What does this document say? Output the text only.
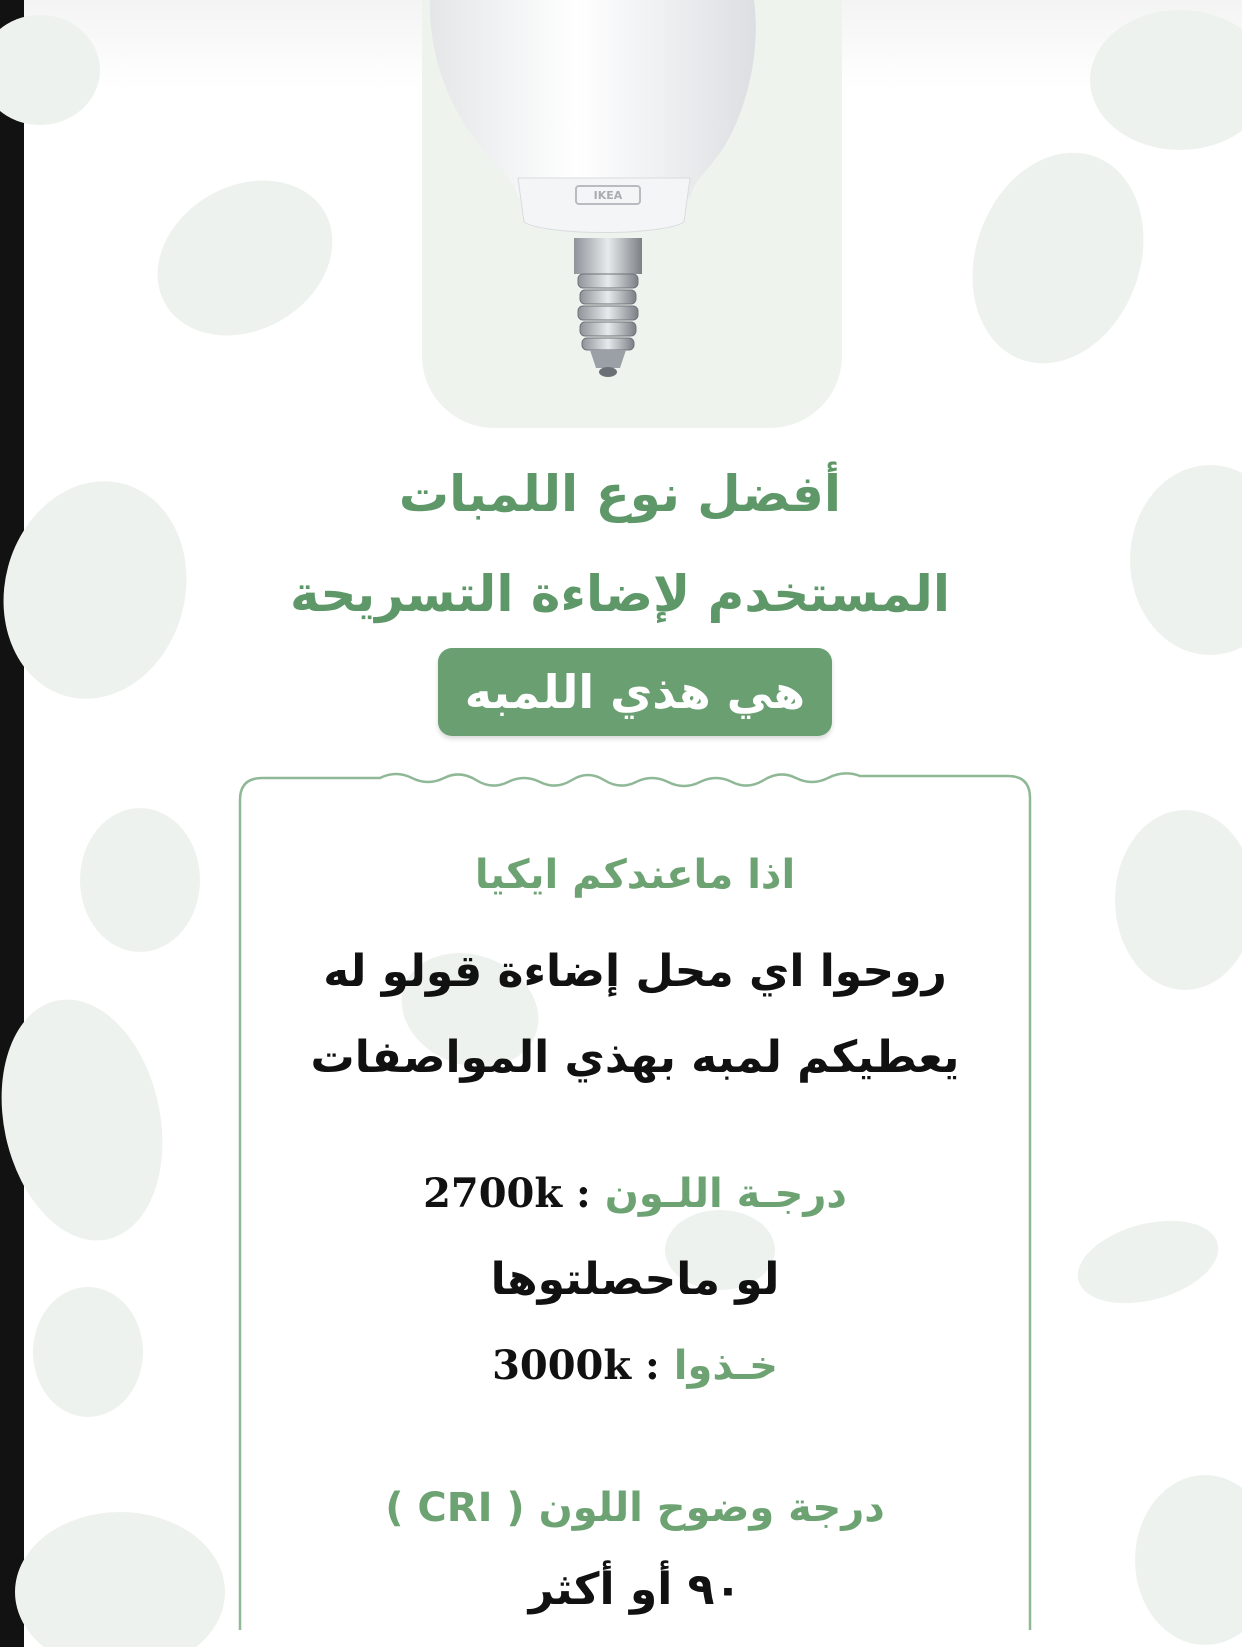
IKEA
أفضل نوع اللمبات
المستخدم لإضاءة التسريحة
هي هذي اللمبه
اذا ماعندكم ايكيا
روحوا اي محل إضاءة قولو له
يعطيكم لمبه بهذي المواصفات
درجـة اللـون : 2700k
لو ماحصلتوها
خـذوا : 3000k
درجة وضوح اللون ( CRI )
٩٠ أو أكثر
